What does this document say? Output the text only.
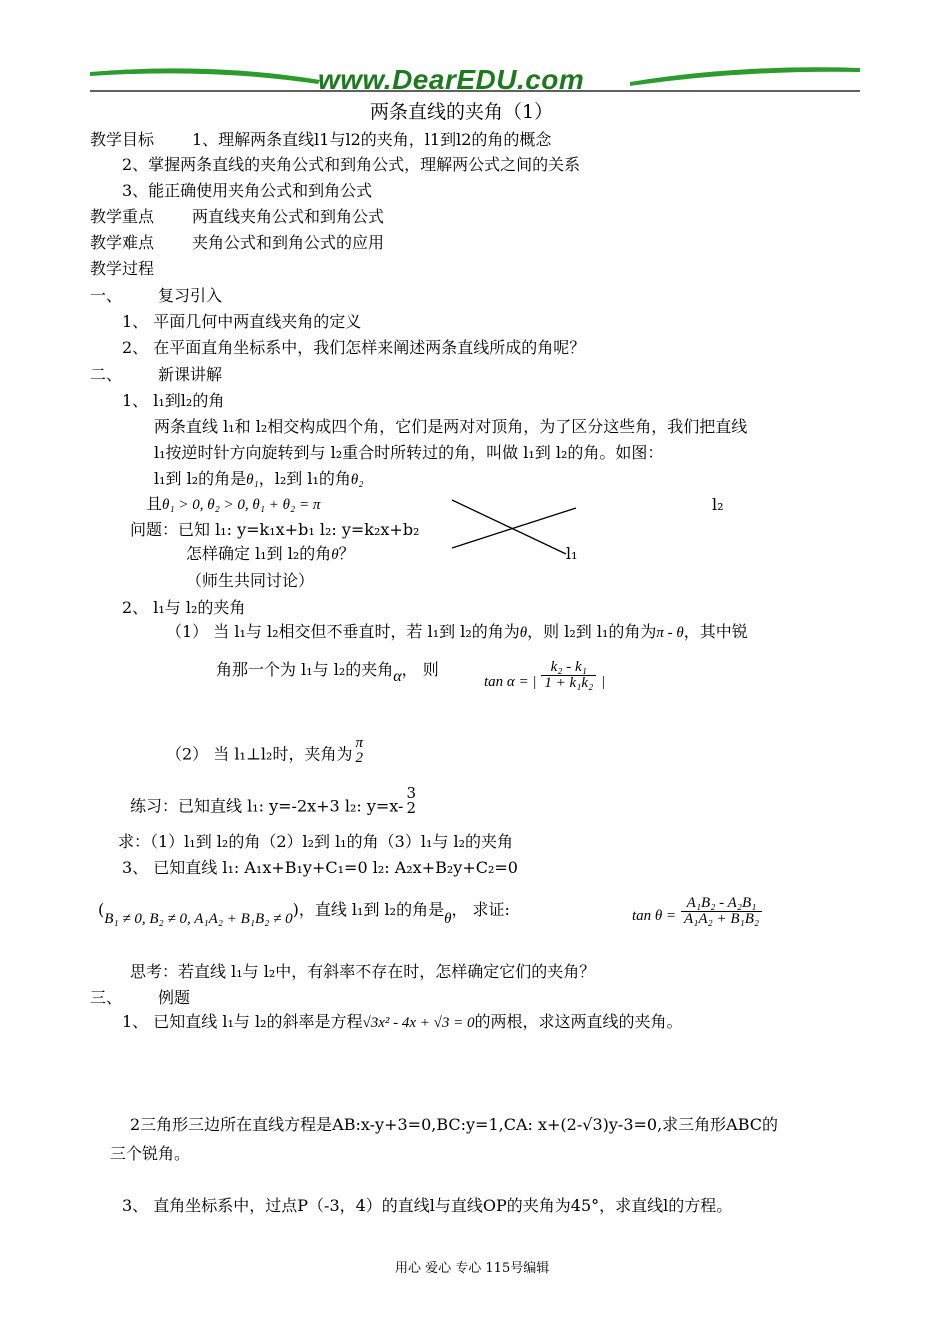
www.DearEDU.com
两条直线的夹角（1）
教学目标 1、理解两条直线l1与l2的夹角，l1到l2的角的概念
2、掌握两条直线的夹角公式和到角公式，理解两公式之间的关系
3、能正确使用夹角公式和到角公式
教学重点 两直线夹角公式和到角公式
教学难点 夹角公式和到角公式的应用
教学过程
一、 复习引入
1、 平面几何中两直线夹角的定义
2、 在平面直角坐标系中，我们怎样来阐述两条直线所成的角呢？
二、 新课讲解
1、 l₁到l₂的角
两条直线 l₁和 l₂相交构成四个角，它们是两对对顶角，为了区分这些角，我们把直线
l₁按逆时针方向旋转到与 l₂重合时所转过的角，叫做 l₁到 l₂的角。如图：
l₁到 l₂的角是θ₁，l₂到 l₁的角θ₂
且θ₁ > 0, θ₂ > 0, θ₁ + θ₂ = π	l₂
l₁
问题：已知 l₁: y=k₁x+b₁ l₂: y=k₂x+b₂
怎样确定 l₁到 l₂的角θ？
（师生共同讨论）
2、 l₁与 l₂的夹角
（1） 当 l₁与 l₂相交但不垂直时，若 l₁到 l₂的角为θ，则 l₂到 l₁的角为π - θ，其中锐
角那一个为 l₁与 l₂的夹角α， 则
tan α = | $\frac{\text{k₂ - k₁}}{\text{1 + k₁k₂}}$ |
（2） 当 l₁⊥l₂时，夹角为
π
2
练习：已知直线 l₁: y=-2x+3 l₂: y=x-
3
2
求：（1）l₁到 l₂的角（2）l₂到 l₁的角（3）l₁与 l₂的夹角
3、 已知直线 l₁: A₁x+B₁y+C₁=0 l₂: A₂x+B₂y+C₂=0
(B₁ ≠ 0, B₂ ≠ 0, A₁A₂ + B₁B₂ ≠ 0)，直线 l₁到 l₂的角是θ， 求证:	$\tan \theta = \frac{\text{A₁B₂ - A₂B₁}}{\text{A₁A₂ + B₁B₂}}$
思考：若直线 l₁与 l₂中，有斜率不存在时，怎样确定它们的夹角？
三、 例题
1、 已知直线 l₁与 l₂的斜率是方程√3x² - 4x + √3 = 0的两根，求这两直线的夹角。
2三角形三边所在直线方程是AB:x-y+3=0,BC:y=1,CA: x+(2-√3)y-3=0,求三角形ABC的
三个锐角。
3、 直角坐标系中，过点P（-3，4）的直线l与直线OP的夹角为45°，求直线l的方程。
用心 爱心 专心 115号编辑
